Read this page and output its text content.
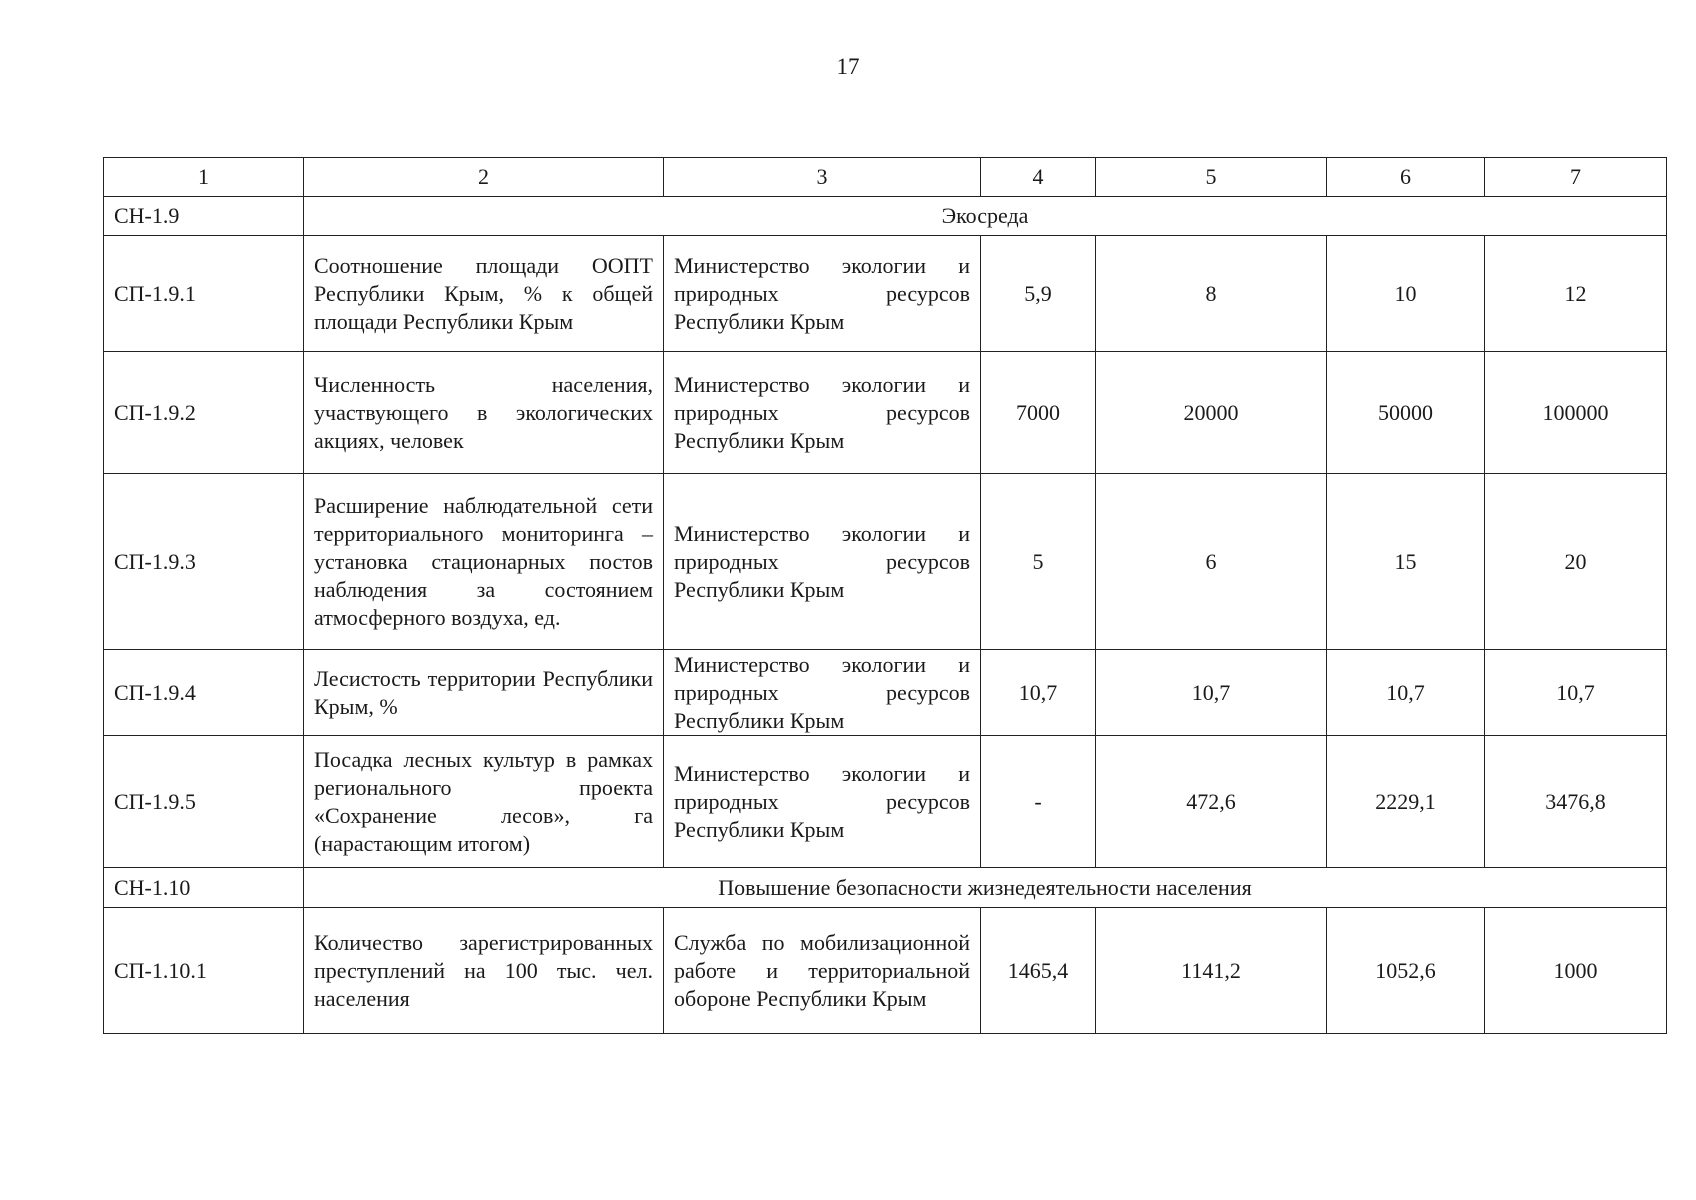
17
1	2	3	4	5	6	7
СН-1.9	Экосреда					
СП-1.9.1	Соотношение площади ООПТ Республики Крым, % к общей площади Республики Крым	Министерство экологии и природных ресурсов Республики Крым	5,9	8	10	12
СП-1.9.2	Численность населения, участвующего в экологических акциях, человек	Министерство экологии и природных ресурсов Республики Крым	7000	20000	50000	100000
СП-1.9.3	Расширение наблюдательной сети территориального мониторинга – установка стационарных постов наблюдения за состоянием атмосферного воздуха, ед.	Министерство экологии и природных ресурсов Республики Крым	5	6	15	20
СП-1.9.4	Лесистость территории Республики Крым, %	Министерство экологии и природных ресурсов Республики Крым	10,7	10,7	10,7	10,7
СП-1.9.5	Посадка лесных культур в рамках регионального проекта «Сохранение лесов», га (нарастающим итогом)	Министерство экологии и природных ресурсов Республики Крым	-	472,6	2229,1	3476,8
СН-1.10	Повышение безопасности жизнедеятельности населения					
СП-1.10.1	Количество зарегистрированных преступлений на 100 тыс. чел. населения	Служба по мобилизационной работе и территориальной обороне Республики Крым	1465,4	1141,2	1052,6	1000
